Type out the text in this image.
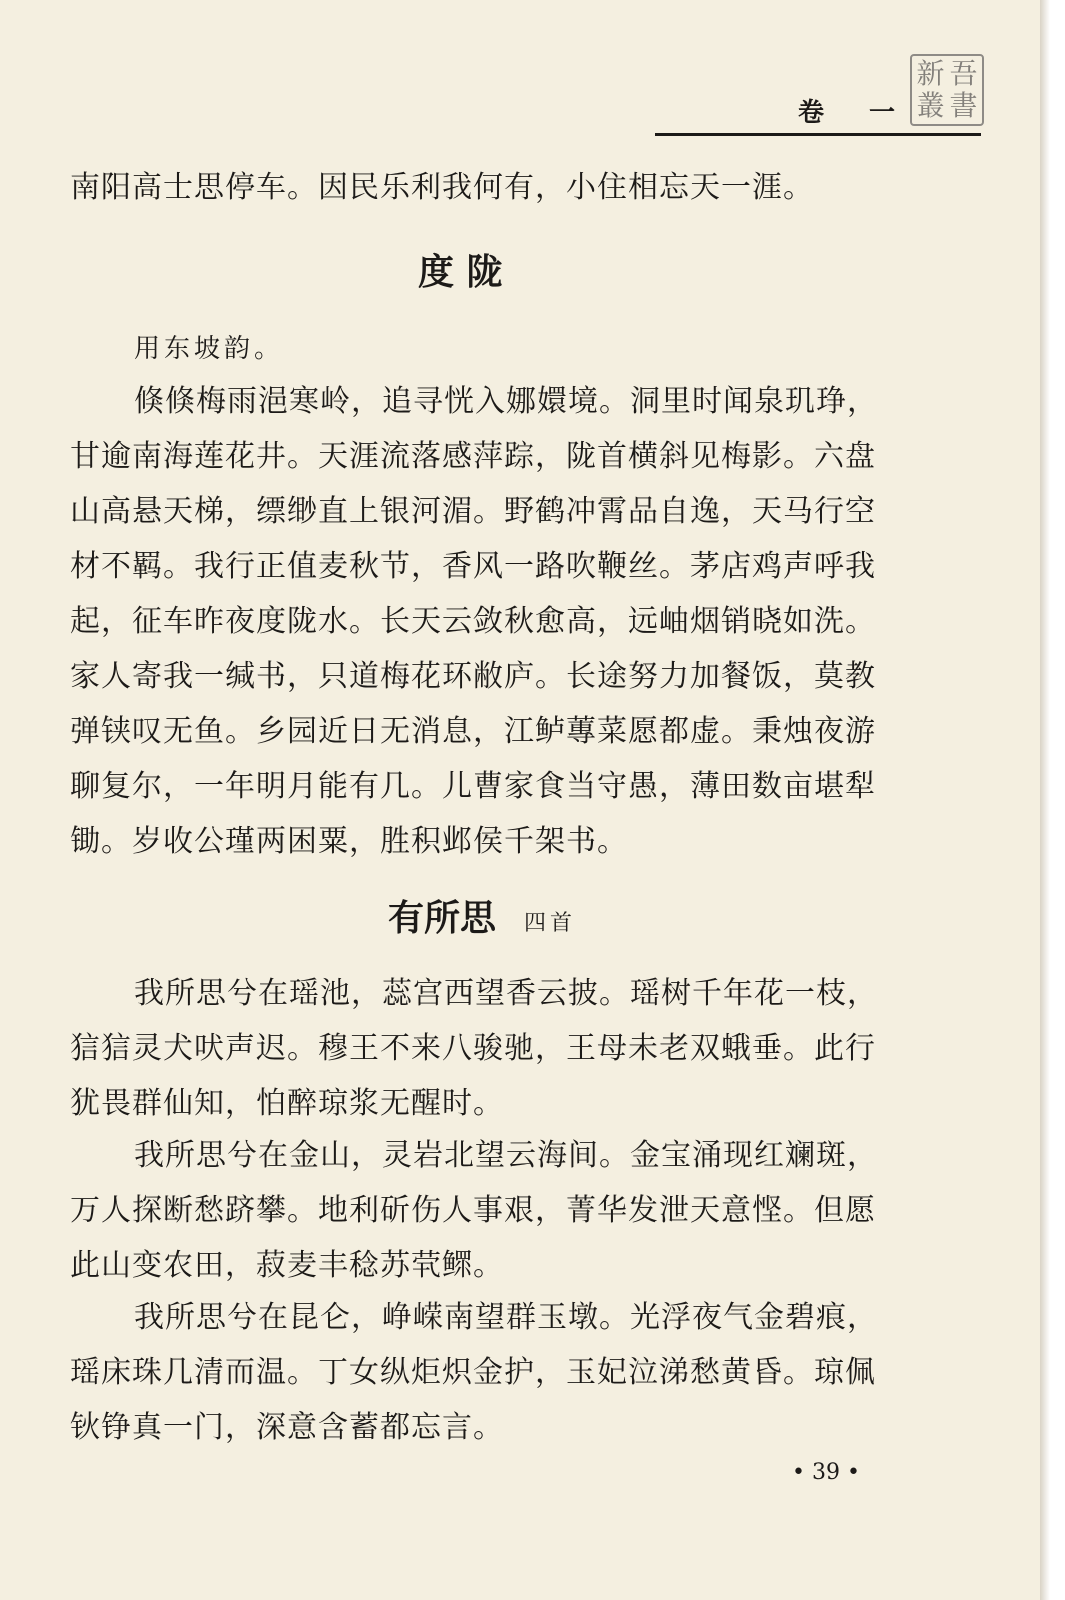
新 吾
叢 書
卷 一
南阳高士思停车。因民乐利我何有，小住相忘天一涯。
度 陇
用东坡韵。
倏倏梅雨浥寒岭，追寻恍入娜嬛境。洞里时闻泉玑琤，
甘逾南海莲花井。天涯流落感萍踪，陇首横斜见梅影。六盘
山高悬天梯，缥缈直上银河湄。野鹤冲霄品自逸，天马行空
材不羁。我行正值麦秋节，香风一路吹鞭丝。茅店鸡声呼我
起，征车昨夜度陇水。长天云敛秋愈高，远岫烟销晓如洗。
家人寄我一缄书，只道梅花环敝庐。长途努力加餐饭，莫教
弹铗叹无鱼。乡园近日无消息，江鲈蓴菜愿都虚。秉烛夜游
聊复尔，一年明月能有几。儿曹家食当守愚，薄田数亩堪犁
锄。岁收公瑾两困粟，胜积邺侯千架书。
有所思 四首
我所思兮在瑶池，蕊宫西望香云披。瑶树千年花一枝，
狺狺灵犬吠声迟。穆王不来八骏驰，王母未老双蛾垂。此行
犹畏群仙知，怕醉琼浆无醒时。
我所思兮在金山，灵岩北望云海间。金宝涌现红斓斑，
万人探断愁跻攀。地利斫伤人事艰，菁华发泄天意悭。但愿
此山变农田，菽麦丰稔苏茕鳏。
我所思兮在昆仑，峥嵘南望群玉墩。光浮夜气金碧痕，
瑶床珠几清而温。丁女纵炬炽金护，玉妃泣涕愁黄昏。琼佩
钬铮真一门，深意含蓄都忘言。
• 39 •
